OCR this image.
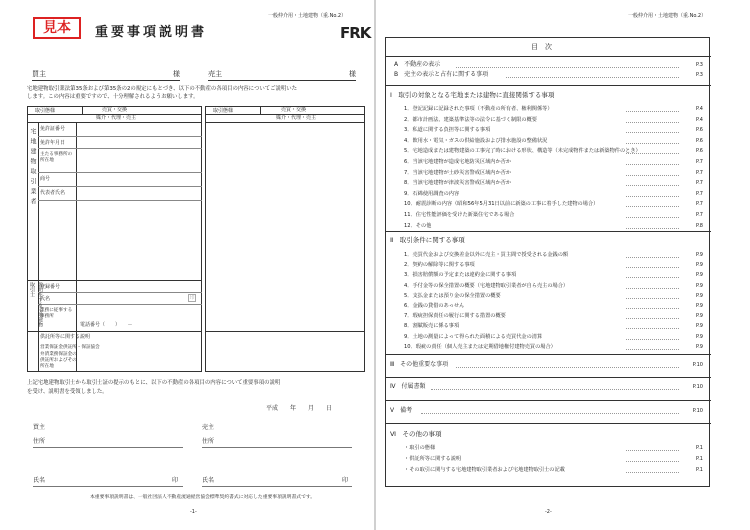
一般仲介用・土地建物（重.No.2）
見本	重要事項説明書	FRK
買主	様	売主	様
宅地建物取引業法第35条および第35条の2の規定にもとづき、以下の不動産の各項目の内容についてご説明いた
します。この内容は重要ですので、十分理解されるようお願いします。
取引態様	売買・交換
媒介・代理・売主
宅地建物取引業者 免許証番号
免許年月日
主たる事務所の所在地
商号
代表者氏名
登録番号
氏名
業務に従事する事務所
電話番号（　　）　　－
印
説明をする宅地建物取引士
供託所等に関する説明
営業保証金供託所・保証協会
弁済業務保証金の供託所およびその所在地
取引態様	売買・交換
媒介・代理・売主
上記宅地建物取引士から取引士証の提示のもとに、以下の不動産の各項目の内容について重要事項の説明
を受け、説明書を受領しました。
平成　　年　　月　　日
買主
住所
売主
住所
氏名	印	氏名	印
本重要事項説明書は、一般社団法人不動産流通経営協会標準契約書式に対応した重要事項説明書式です。
-1-
一般仲介用・土地建物（重.No.2）
目　次
A　不動産の表示	P.3
B　売主の表示と占有に関する事項	P.3
Ⅰ　取引の対象となる宅地または建物に直接関係する事項
1．登記記録に記録された事項（不動産の所有者、権利関係等）	P.4
2．都市計画法、建築基準法等の法令に基づく制限の概要	P.4
3．私道に関する負担等に関する事項	P.6
4．飲用水・電気・ガスの供給施設および排水施設の整備状況	P.6
5．宅地造成または建物建築の工事完了時における形状、構造等（未完成物件または新築物件のとき）	P.6
6．当該宅地建物が造成宅地防災区域内か否か	P.7
7．当該宅地建物が土砂災害警戒区域内か否か	P.7
8．当該宅地建物が津波災害警戒区域内か否か	P.7
9．石綿使用調査の内容	P.7
10．耐震診断の内容（昭和56年5月31日以前に新築の工事に着手した建物の場合）	P.7
11．住宅性能評価を受けた新築住宅である場合	P.7
12．その他	P.8
Ⅱ　取引条件に関する事項
1．売買代金および交換差金以外に売主・買主間で授受される金銭の額	P.9
2．契約の解除等に関する事項	P.9
3．損害賠償額の予定または違約金に関する事項	P.9
4．手付金等の保全措置の概要（宅地建物取引業者が自ら売主の場合）	P.9
5．支払金または預り金の保全措置の概要	P.9
6．金銭の貸借のあっせん	P.9
7．瑕疵担保責任の履行に関する措置の概要	P.9
8．割賦販売に係る事項	P.9
9．土地の測量によって得られた面積による売買代金の清算	P.9
10．瑕疵の責任（個人売主または定期借地権付建物売買の場合）	P.9
Ⅲ　その他重要な事項	P.10
Ⅳ　付属書類	P.10
Ⅴ　備考	P.10
Ⅵ　その他の事項
・取引の態様	P.1
・供託所等に関する説明	P.1
・その取引に関与する宅地建物取引業者および宅地建物取引士の記載	P.1
-2-
